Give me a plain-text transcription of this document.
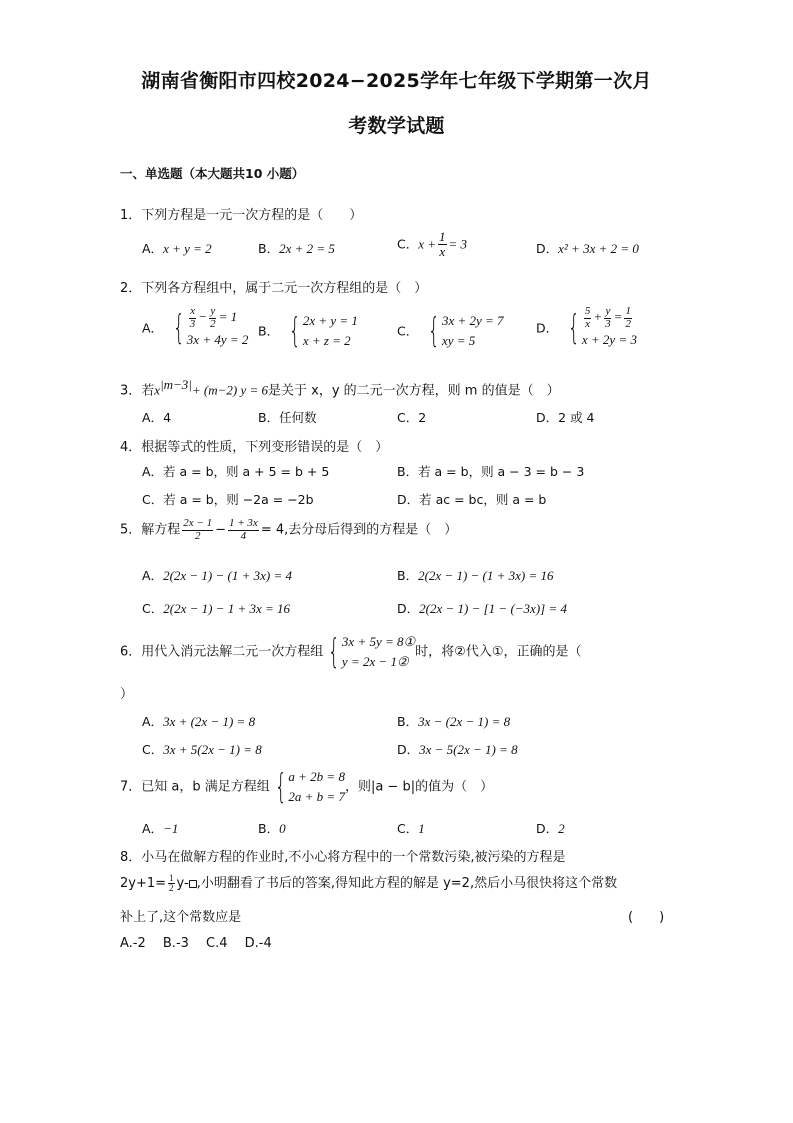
湖南省衡阳市四校2024−2025学年七年级下学期第一次月
考数学试题
一、单选题（本大题共10 小题）
1．下列方程是一元一次方程的是（　　）
A．x + y = 2	B．2x + 2 = 5	C．$x + \frac{1}{x} = 3$	D．x² + 3x + 2 = 0
2．下列各方程组中，属于二元一次方程组的是（　）
A． { $\frac{x}{3} - \frac{y}{2} = 1$
3x + 4y = 2
B． { 2x + y = 1
x + z = 2
C． { 3x + 2y = 7
xy = 5
D． { $\frac{5}{x} + \frac{y}{3} = \frac{1}{2}$
x + 2y = 3
3．若$x^{|m-3|}+ (m-2) y = 6$是关于 x，y 的二元一次方程，则 m 的值是（　）
A．4	B．任何数	C．2	D．2 或 4
4．根据等式的性质，下列变形错误的是（　）
A．若 a = b，则 a + 5 = b + 5	B．若 a = b，则 a − 3 = b − 3
C．若 a = b，则 −2a = −2b	D．若 ac = bc，则 a = b
5．解方程 $\frac{2x - 1}{2} - \frac{1 + 3x}{4} = 4$,去分母后得到的方程是（　）
A．2(2x − 1) − (1 + 3x) = 4	B．2(2x − 1) − (1 + 3x) = 16
C．2(2x − 1) − 1 + 3x = 16	D．2(2x − 1) − [1 − (−3x)] = 4
6．用代入消元法解二元一次方程组 { 3x + 5y = 8①
y = 2x − 1②
时，将②代入①，正确的是（
）
A．3x + (2x − 1) = 8	B．3x − (2x − 1) = 8
C．3x + 5(2x − 1) = 8	D．3x − 5(2x − 1) = 8
7．已知 a，b 满足方程组 { a + 2b = 8
2a + b = 7
，则|a − b|的值为（　）
A．−1	B．0	C．1	D．2
8．小马在做解方程的作业时,不小心将方程中的一个常数污染,被污染的方程是
$2y+1= \frac{1}{2} y-$ ,小明翻看了书后的答案,得知此方程的解是 y=2,然后小马很快将这个常数
补上了,这个常数应是	(　　)
A.-2　 B.-3　 C.4　 D.-4
